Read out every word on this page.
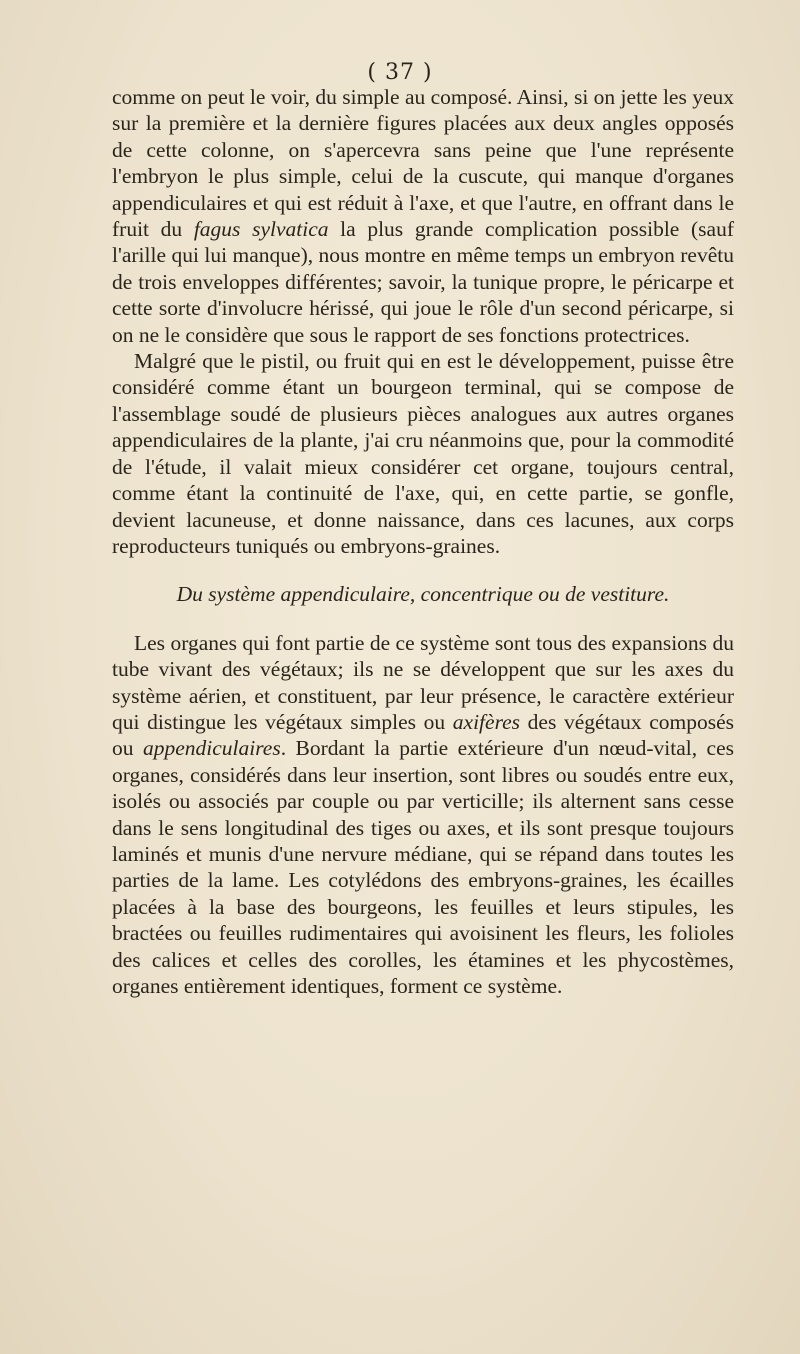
( 37 )

comme on peut le voir, du simple au composé. Ainsi, si on jette les yeux sur la première et la dernière figures placées aux deux angles opposés de cette colonne, on s'apercevra sans peine que l'une représente l'embryon le plus simple, celui de la cuscute, qui manque d'organes appendiculaires et qui est réduit à l'axe, et que l'autre, en offrant dans le fruit du fagus sylvatica la plus grande complication possible (sauf l'arille qui lui manque), nous montre en même temps un embryon revêtu de trois enveloppes différentes; savoir, la tunique propre, le péricarpe et cette sorte d'involucre hérissé, qui joue le rôle d'un second péricarpe, si on ne le considère que sous le rapport de ses fonctions protectrices.

Malgré que le pistil, ou fruit qui en est le développement, puisse être considéré comme étant un bourgeon terminal, qui se compose de l'assemblage soudé de plusieurs pièces analogues aux autres organes appendiculaires de la plante, j'ai cru néanmoins que, pour la commodité de l'étude, il valait mieux considérer cet organe, toujours central, comme étant la continuité de l'axe, qui, en cette partie, se gonfle, devient lacuneuse, et donne naissance, dans ces lacunes, aux corps reproducteurs tuniqués ou embryons-graines.

Du système appendiculaire, concentrique ou de vestiture.

Les organes qui font partie de ce système sont tous des expansions du tube vivant des végétaux; ils ne se développent que sur les axes du système aérien, et constituent, par leur présence, le caractère extérieur qui distingue les végétaux simples ou axifères des végétaux composés ou appendiculaires. Bordant la partie extérieure d'un nœud-vital, ces organes, considérés dans leur insertion, sont libres ou soudés entre eux, isolés ou associés par couple ou par verticille; ils alternent sans cesse dans le sens longitudinal des tiges ou axes, et ils sont presque toujours laminés et munis d'une nervure médiane, qui se répand dans toutes les parties de la lame. Les cotylédons des embryons-graines, les écailles placées à la base des bourgeons, les feuilles et leurs stipules, les bractées ou feuilles rudimentaires qui avoisinent les fleurs, les folioles des calices et celles des corolles, les étamines et les phycostèmes, organes entièrement identiques, forment ce système.
